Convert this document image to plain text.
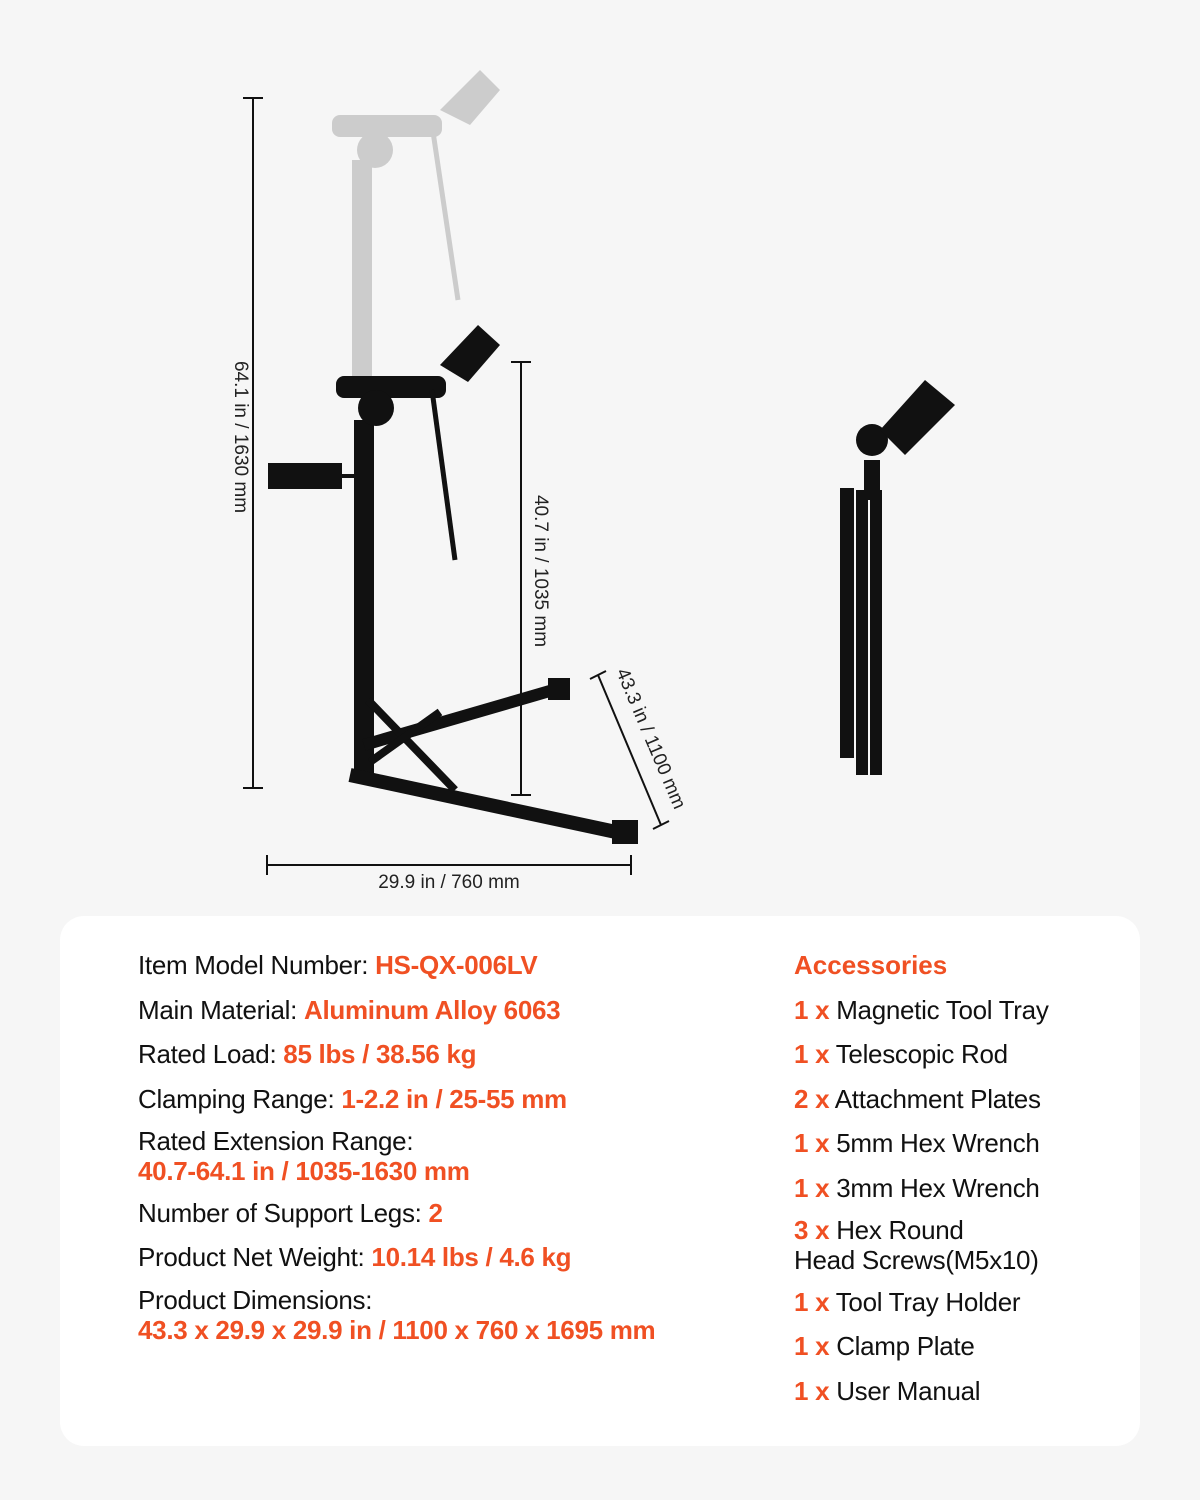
64.1 in / 1630 mm
40.7 in / 1035 mm
43.3 in / 1100 mm
29.9 in / 760 mm
Item Model Number: HS-QX-006LV
Main Material: Aluminum Alloy 6063
Rated Load: 85 lbs / 38.56 kg
Clamping Range: 1-2.2 in / 25-55 mm
Rated Extension Range:
40.7-64.1 in / 1035-1630 mm
Number of Support Legs: 2
Product Net Weight: 10.14 lbs / 4.6 kg
Product Dimensions:
43.3 x 29.9 x 29.9 in / 1100 x 760 x 1695 mm
Accessories
1 x Magnetic Tool Tray
1 x Telescopic Rod
2 x Attachment Plates
1 x 5mm Hex Wrench
1 x 3mm Hex Wrench
3 x Hex Round
Head Screws(M5x10)
1 x Tool Tray Holder
1 x Clamp Plate
1 x User Manual
